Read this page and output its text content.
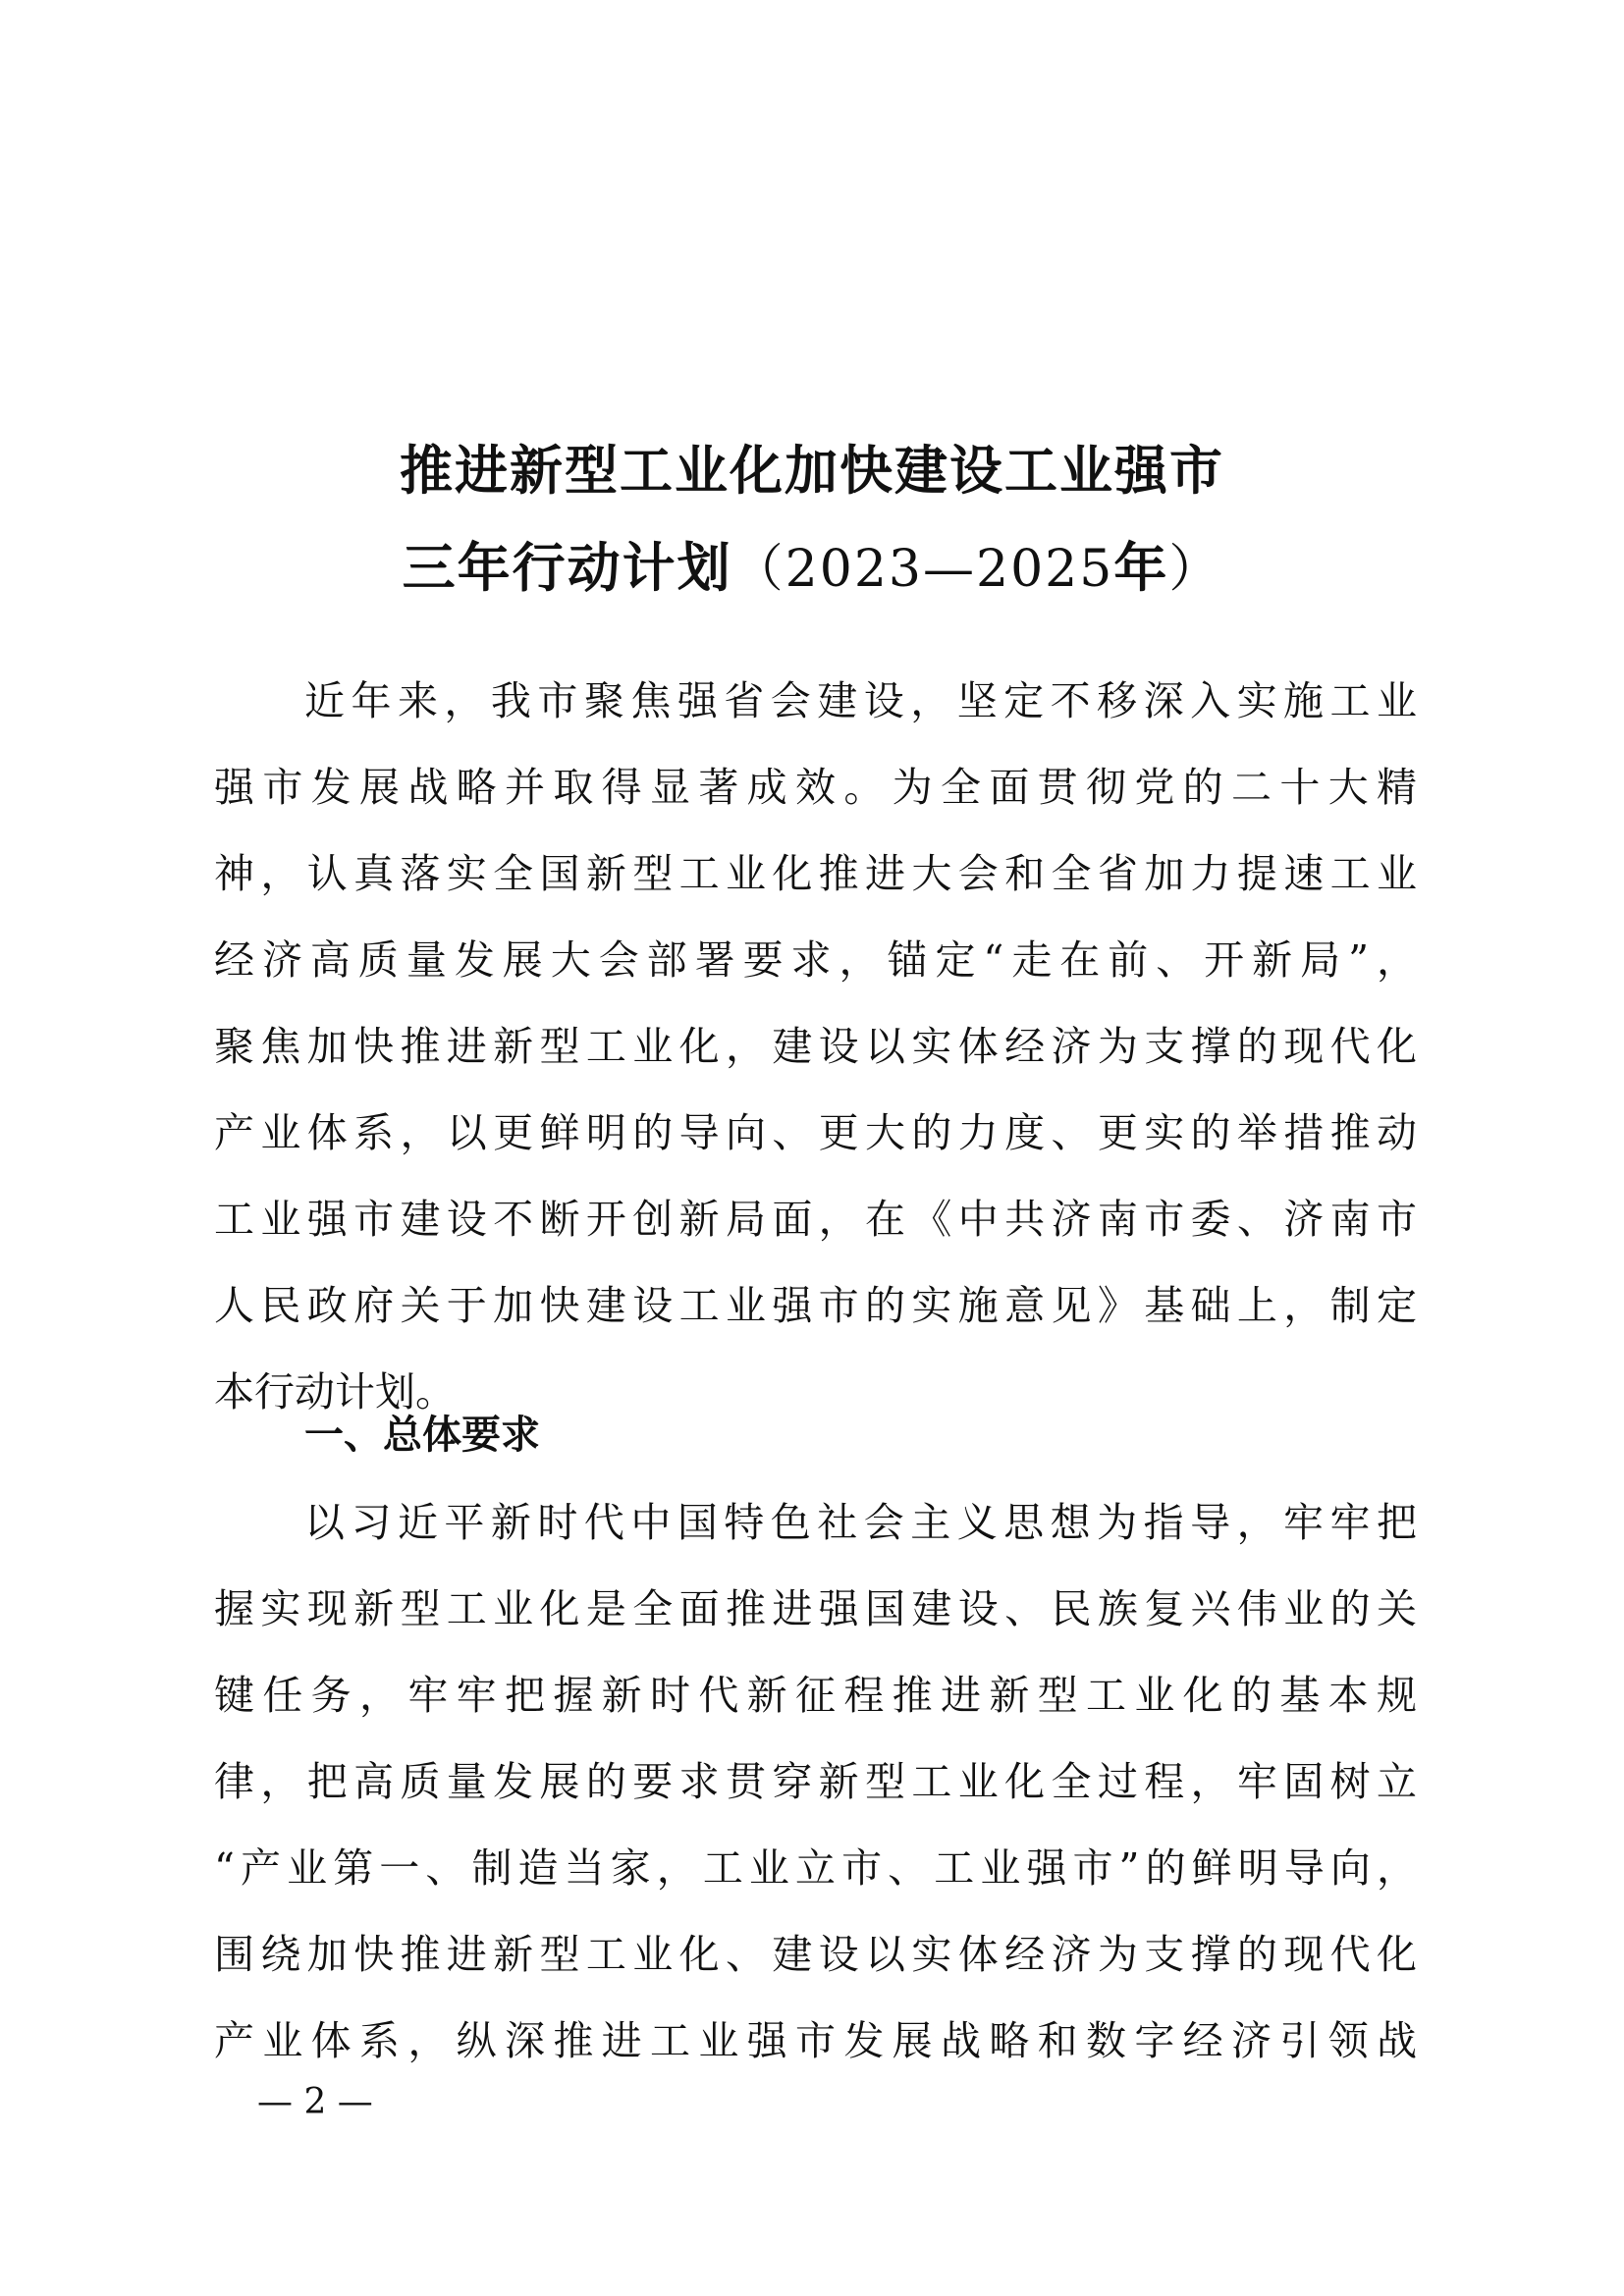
推进新型工业化加快建设工业强市
三年行动计划（2023—2025年）
近年来，我市聚焦强省会建设，坚定不移深入实施工业
强市发展战略并取得显著成效。为全面贯彻党的二十大精
神，认真落实全国新型工业化推进大会和全省加力提速工业
经济高质量发展大会部署要求，锚定“走在前、开新局”，
聚焦加快推进新型工业化，建设以实体经济为支撑的现代化
产业体系，以更鲜明的导向、更大的力度、更实的举措推动
工业强市建设不断开创新局面，在《中共济南市委、济南市
人民政府关于加快建设工业强市的实施意见》基础上，制定
本行动计划。
一、总体要求
以习近平新时代中国特色社会主义思想为指导，牢牢把
握实现新型工业化是全面推进强国建设、民族复兴伟业的关
键任务，牢牢把握新时代新征程推进新型工业化的基本规
律，把高质量发展的要求贯穿新型工业化全过程，牢固树立
“产业第一、制造当家，工业立市、工业强市”的鲜明导向，
围绕加快推进新型工业化、建设以实体经济为支撑的现代化
产业体系，纵深推进工业强市发展战略和数字经济引领战
— 2 —
